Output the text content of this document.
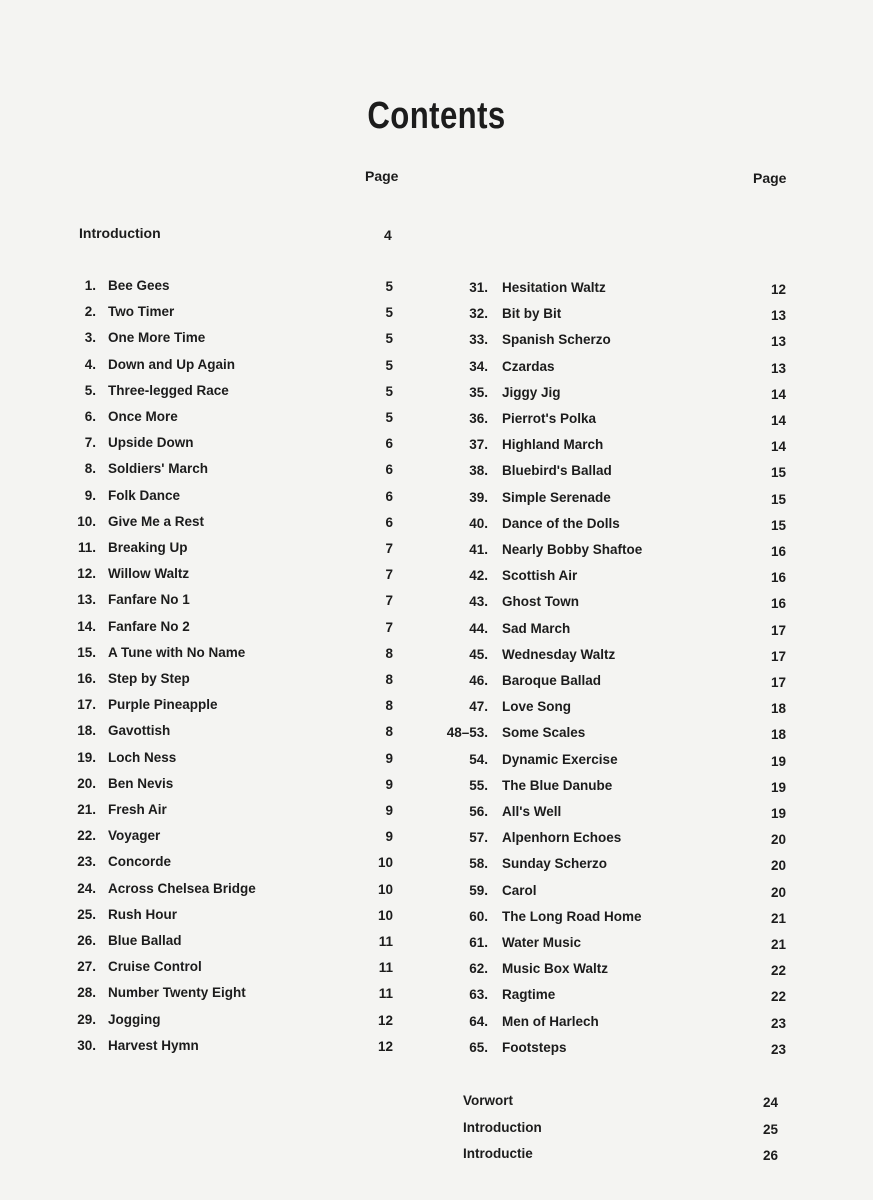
Contents
Page	Page
Introduction	4
1. Bee Gees	5
2. Two Timer	5
3. One More Time	5
4. Down and Up Again	5
5. Three-legged Race	5
6. Once More	5
7. Upside Down	6
8. Soldiers' March	6
9. Folk Dance	6
10. Give Me a Rest	6
11. Breaking Up	7
12. Willow Waltz	7
13. Fanfare No 1	7
14. Fanfare No 2	7
15. A Tune with No Name	8
16. Step by Step	8
17. Purple Pineapple	8
18. Gavottish	8
19. Loch Ness	9
20. Ben Nevis	9
21. Fresh Air	9
22. Voyager	9
23. Concorde	10
24. Across Chelsea Bridge	10
25. Rush Hour	10
26. Blue Ballad	11
27. Cruise Control	11
28. Number Twenty Eight	11
29. Jogging	12
30. Harvest Hymn	12
31. Hesitation Waltz	12
32. Bit by Bit	13
33. Spanish Scherzo	13
34. Czardas	13
35. Jiggy Jig	14
36. Pierrot's Polka	14
37. Highland March	14
38. Bluebird's Ballad	15
39. Simple Serenade	15
40. Dance of the Dolls	15
41. Nearly Bobby Shaftoe	16
42. Scottish Air	16
43. Ghost Town	16
44. Sad March	17
45. Wednesday Waltz	17
46. Baroque Ballad	17
47. Love Song	18
48–53. Some Scales	18
54. Dynamic Exercise	19
55. The Blue Danube	19
56. All's Well	19
57. Alpenhorn Echoes	20
58. Sunday Scherzo	20
59. Carol	20
60. The Long Road Home	21
61. Water Music	21
62. Music Box Waltz	22
63. Ragtime	22
64. Men of Harlech	23
65. Footsteps	23
Vorwort	24
Introduction	25
Introductie	26
